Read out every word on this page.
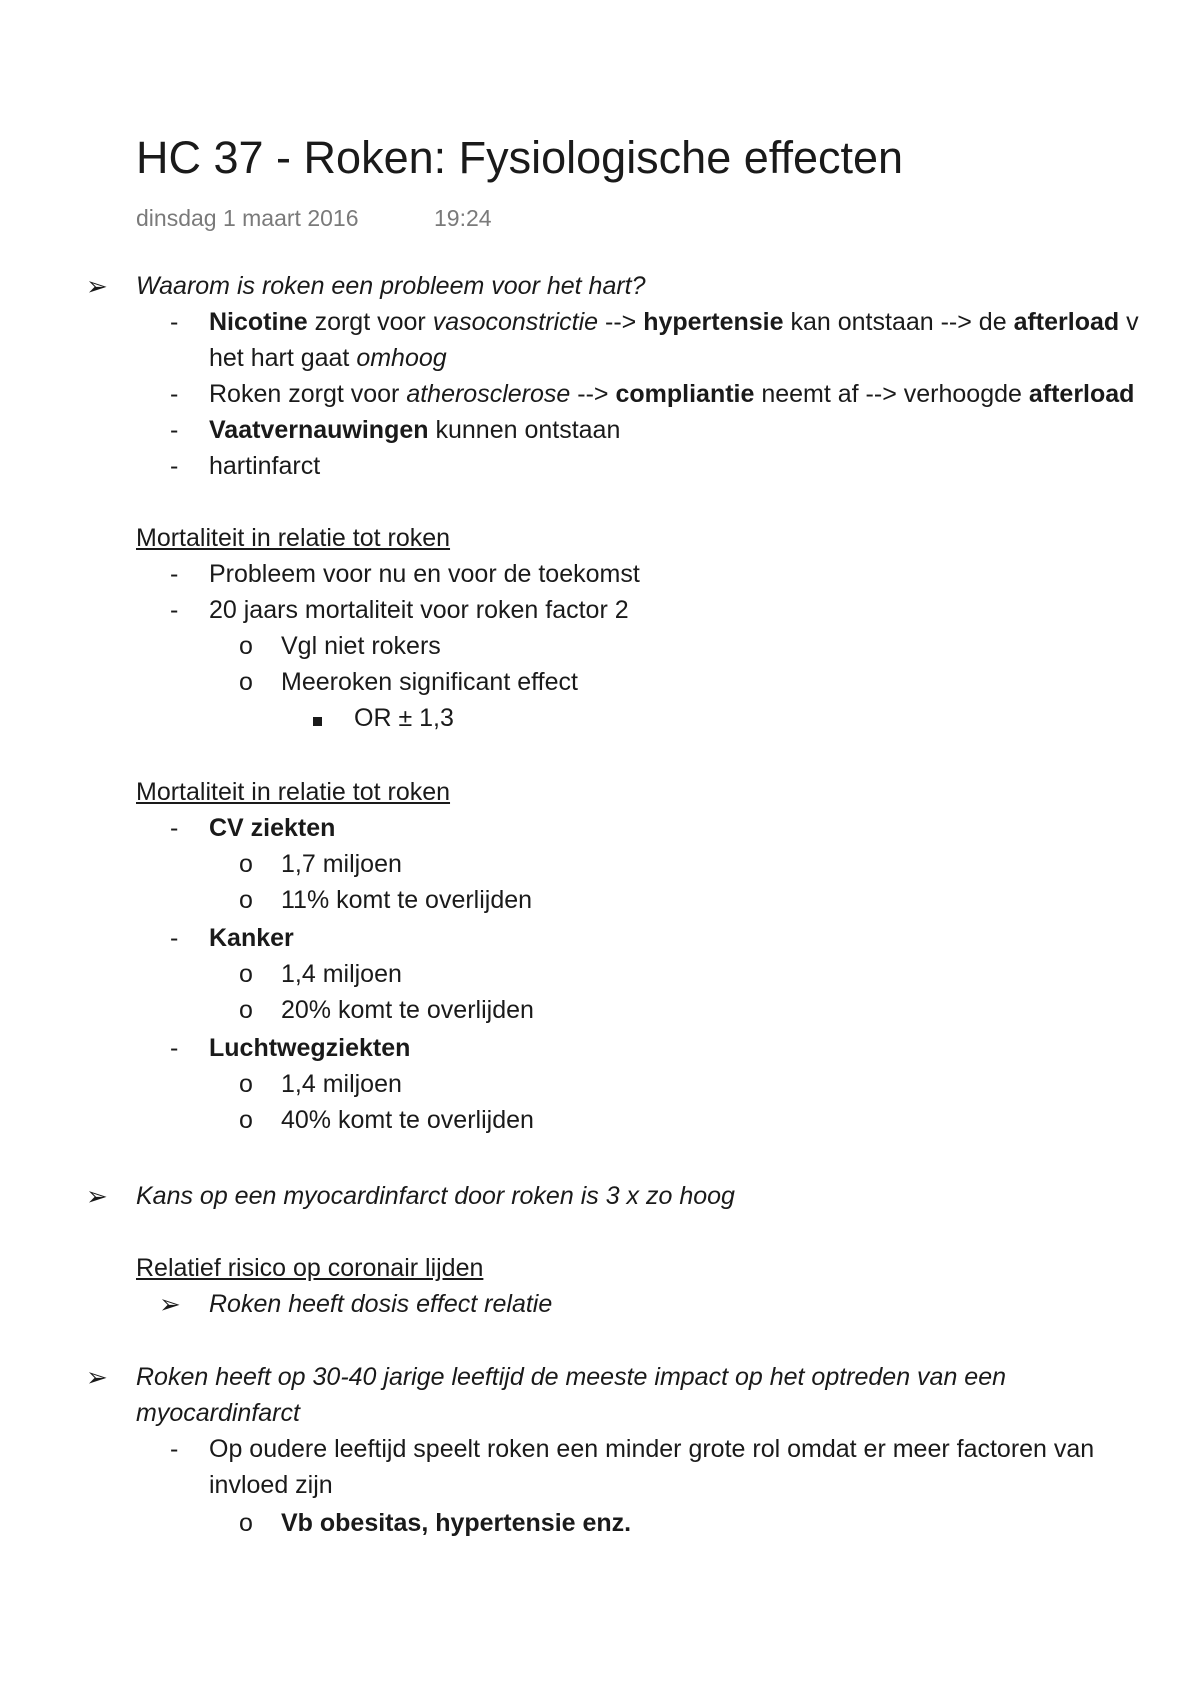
HC 37 - Roken: Fysiologische effecten
dinsdag 1 maart 2016	19:24
➢ Waarom is roken een probleem voor het hart?
- Nicotine zorgt voor vasoconstrictie --> hypertensie kan ontstaan --> de afterload v
het hart gaat omhoog
- Roken zorgt voor atherosclerose --> compliantie neemt af --> verhoogde afterload
- Vaatvernauwingen kunnen ontstaan
- hartinfarct
Mortaliteit in relatie tot roken
- Probleem voor nu en voor de toekomst
- 20 jaars mortaliteit voor roken factor 2
o Vgl niet rokers
o Meeroken significant effect
OR ± 1,3
Mortaliteit in relatie tot roken
- CV ziekten
o 1,7 miljoen
o 11% komt te overlijden
- Kanker
o 1,4 miljoen
o 20% komt te overlijden
- Luchtwegziekten
o 1,4 miljoen
o 40% komt te overlijden
➢ Kans op een myocardinfarct door roken is 3 x zo hoog
Relatief risico op coronair lijden
➢ Roken heeft dosis effect relatie
➢ Roken heeft op 30-40 jarige leeftijd de meeste impact op het optreden van een
myocardinfarct
- Op oudere leeftijd speelt roken een minder grote rol omdat er meer factoren van
invloed zijn
o Vb obesitas, hypertensie enz.
